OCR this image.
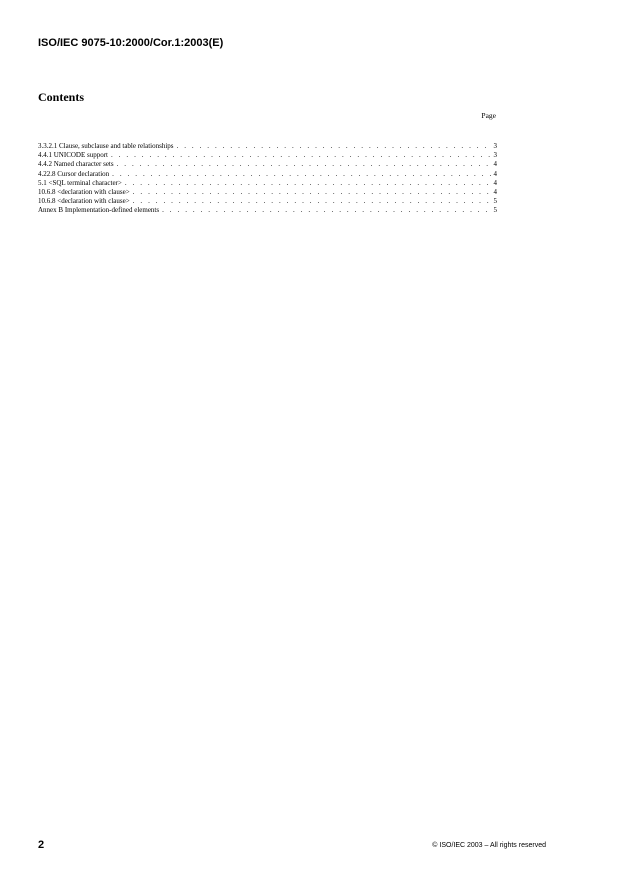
ISO/IEC 9075-10:2000/Cor.1:2003(E)
Contents
Page
3.3.2.1 Clause, subclause and table relationships . . .	3
4.4.1 UNICODE support . . .	3
4.4.2 Named character sets . . .	4
4.22.8 Cursor declaration . . .	4
5.1 <SQL terminal character> . . .	4
10.6.8 <declaration with clause> . . .	4
10.6.8 <declaration with clause> . . .	5
Annex B Implementation-defined elements . . .	5
2	© ISO/IEC 2003 – All rights reserved
